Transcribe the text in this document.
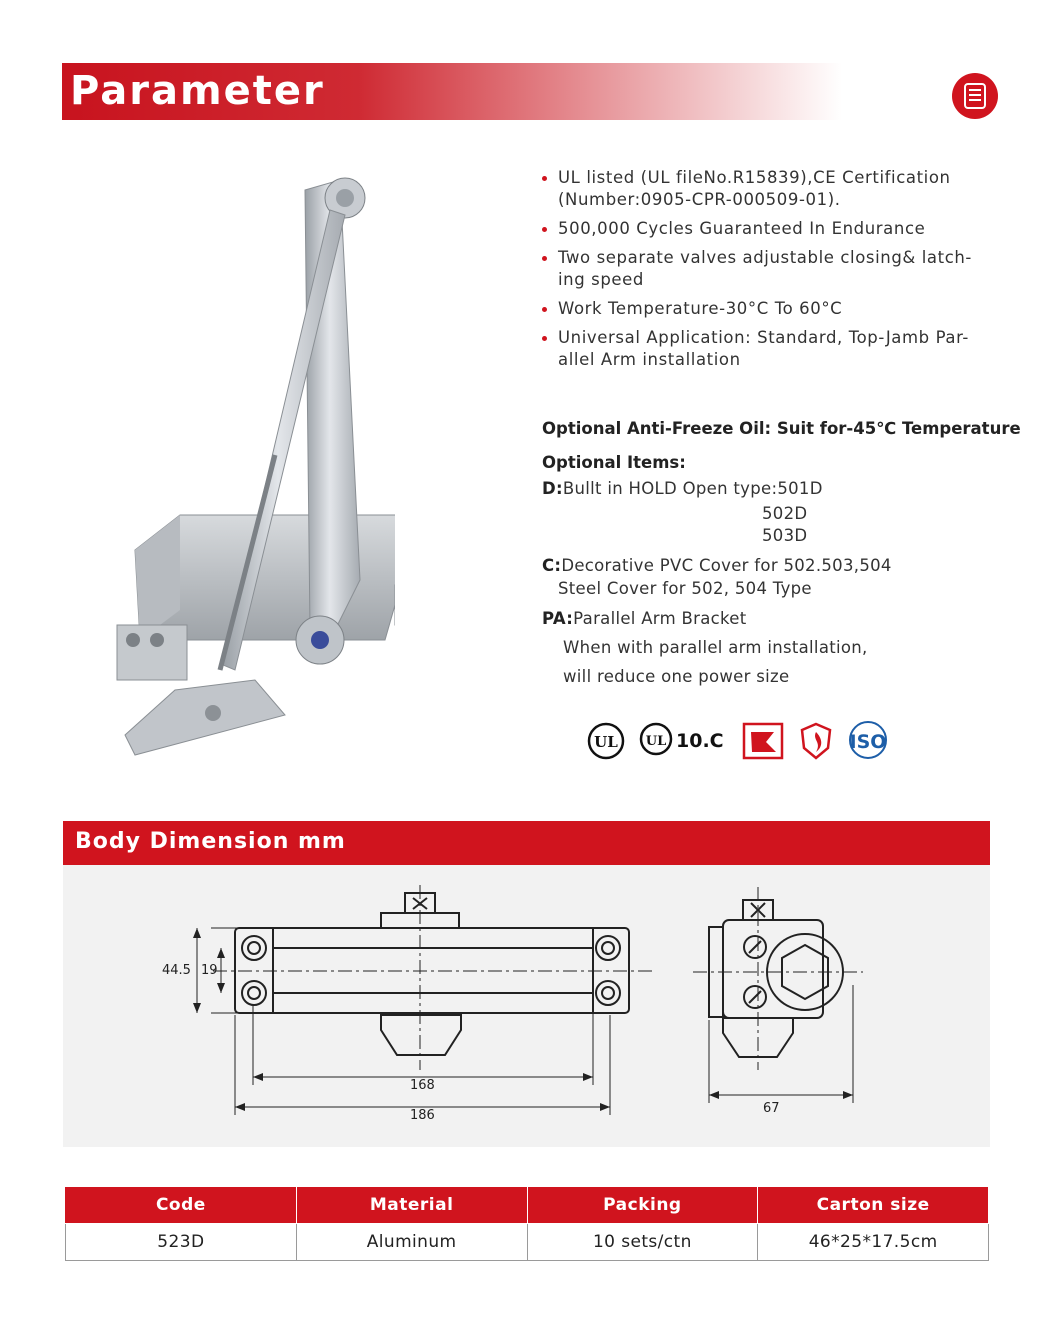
Parameter
UL listed (UL fileNo.R15839),CE Certification (Number:0905-CPR-000509-01).
500,000 Cycles Guaranteed In Endurance
Two separate valves adjustable closing& latch-ing speed
Work Temperature-30°C To 60°C
Universal Application: Standard, Top-Jamb Par-allel Arm installation
Optional Anti-Freeze Oil: Suit for-45℃ Temperature
Optional Items:
D:Bullt in HOLD Open type:501D
502D
503D
C:Decorative PVC Cover for 502.503,504
Steel Cover for 502, 504 Type
PA:Parallel Arm Bracket
When with parallel arm installation,
will reduce one power size
UL UL 10.C	ISO
Body Dimension mm
44.5 19
168
186	67
Code	Material	Packing	Carton size
523D	Aluminum	10 sets/ctn	46*25*17.5cm
